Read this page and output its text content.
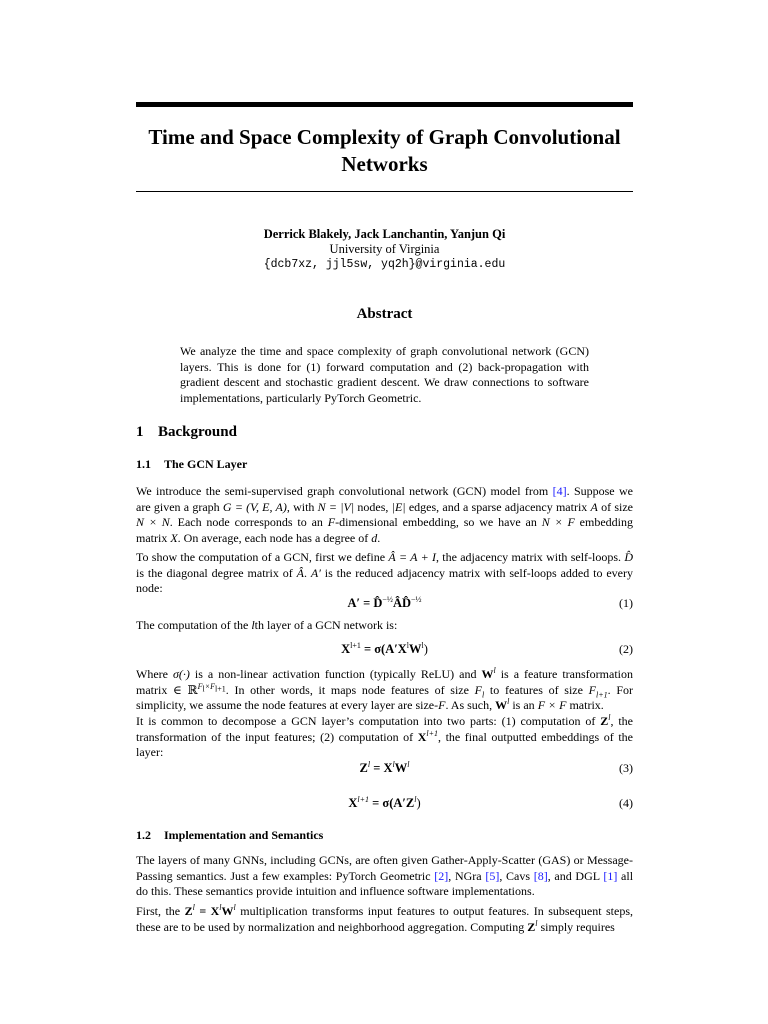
Time and Space Complexity of Graph Convolutional Networks
Derrick Blakely, Jack Lanchantin, Yanjun Qi
University of Virginia
{dcb7xz, jjl5sw, yq2h}@virginia.edu
Abstract
We analyze the time and space complexity of graph convolutional network (GCN) layers. This is done for (1) forward computation and (2) back-propagation with gradient descent and stochastic gradient descent. We draw connections to software implementations, particularly PyTorch Geometric.
1 Background
1.1 The GCN Layer
We introduce the semi-supervised graph convolutional network (GCN) model from [4]. Suppose we are given a graph G = (V, E, A), with N = |V| nodes, |E| edges, and a sparse adjacency matrix A of size N × N. Each node corresponds to an F-dimensional embedding, so we have an N × F embedding matrix X. On average, each node has a degree of d.
To show the computation of a GCN, first we define Â = A + I, the adjacency matrix with self-loops. D̂ is the diagonal degree matrix of Â. A′ is the reduced adjacency matrix with self-loops added to every node:
A′ = D̂$^{-\frac{1}{2}}$ÂD̂$^{-\frac{1}{2}}$	(1)
The computation of the lth layer of a GCN network is:
$X^{l+1} = \sigma(A'X^lW^l)$	(2)
Where σ(·) is a non-linear activation function (typically ReLU) and $W^l$ is a feature transformation matrix ∈ ℝ$^{F_l\times F_{l+1}}$. In other words, it maps node features of size $F_l$ to features of size $F_{l+1}$. For simplicity, we assume the node features at every layer are size-F. As such, $W^l$ is an F × F matrix.
It is common to decompose a GCN layer’s computation into two parts: (1) computation of $Z^l$, the transformation of the input features; (2) computation of $X^{l+1}$, the final outputted embeddings of the layer:
$Z^l = X^lW^l$	(3)
$X^{l+1} = \sigma(A'Z^l)$	(4)
1.2 Implementation and Semantics
The layers of many GNNs, including GCNs, are often given Gather-Apply-Scatter (GAS) or Message-Passing semantics. Just a few examples: PyTorch Geometric [2], NGra [5], Cavs [8], and DGL [1] all do this. These semantics provide intuition and influence software implementations.
First, the $Z^l = X^lW^l$ multiplication transforms input features to output features. In subsequent steps, these are to be used by normalization and neighborhood aggregation. Computing $Z^l$ simply requires
